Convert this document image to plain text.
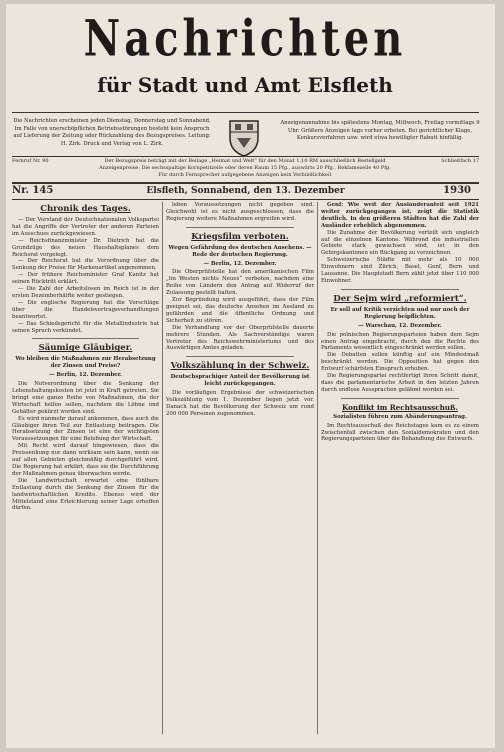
Nachrichten
für Stadt und Amt Elsfleth
Die Nachrichten erscheinen jeden Dienstag, Donnerstag und Sonnabend. Im Falle von unerschöpflichen Betriebsstörungen besteht kein Anspruch auf Lieferung der Zeitung oder Rückzahlung des Bezugspreises. Leitung: H. Zirk. Druck und Verlag von L. Zirk.
Anzeigenannahme bis spätestens Montag, Mittwoch, Freitag vormittags 9 Uhr. Größere Anzeigen tags vorher erbeten. Bei gerichtlicher Klage, Konkursverfahren usw. wird etwa bewilligter Rabatt hinfällig.
Fernruf Nr. 90	Schließfach 17
Der Bezugspreis beträgt mit der Beilage „Heimat und Welt“ für den Monat 1,10 RM ausschließlich Bestellgeld
Anzeigenpreise: Die sechsspaltige Kornpetitzeile oder deren Raum 15 Pfg., auswärts 20 Pfg., Reklamezeile 40 Pfg.
Für durch Fernsprecher aufgegebene Anzeigen kein Verbindlichkeit
Nr. 145	Elsfleth, Sonnabend, den 13. Dezember	1930
Chronik des Tages.

— Der Vorstand der Deutschnationalen Volkspartei hat die Angriffe der Vertreter der anderen Parteien im Ausschuss zurückgewiesen.

— Reichsfinanzminister Dr. Dietrich hat die Grundzüge des neuen Haushaltsplanes dem Reichsrat vorgelegt.

— Der Reichsrat hat die Verordnung über die Senkung der Preise für Markenartikel angenommen.

— Der frühere Reichsminister Graf Kanitz hat seinen Rücktritt erklärt.

— Die Zahl der Arbeitslosen im Reich ist in der ersten Dezemberhälfte weiter gestiegen.

— Die englische Regierung hat die Vorschläge über die Handelsvertragsverhandlungen beantwortet.

— Das Schiedsgericht für die Metallindustrie hat seinen Spruch verkündet.

Säumige Gläubiger.
Wo bleiben die Maßnahmen zur Herabsetzung der Zinsen und Preise?
— Berlin, 12. Dezember.

Die Notverordnung über die Senkung der Lebenshaltungskosten ist jetzt in Kraft getreten. Sie bringt eine ganze Reihe von Maßnahmen, die der Wirtschaft helfen sollen, nachdem die Löhne und Gehälter gekürzt worden sind.

Es wird nunmehr darauf ankommen, dass auch die Gläubiger ihren Teil zur Entlastung beitragen. Die Herabsetzung der Zinsen ist eine der wichtigsten Voraussetzungen für eine Belebung der Wirtschaft.

Mit Recht wird darauf hingewiesen, dass die Preissenkung nur dann wirksam sein kann, wenn sie auf allen Gebieten gleichmäßig durchgeführt wird. Die Regierung hat erklärt, dass sie die Durchführung der Maßnahmen genau überwachen werde.

Die Landwirtschaft erwartet eine fühlbare Entlastung durch die Senkung der Zinsen für die landwirtschaftlichen Kredite. Ebenso wird der Mittelstand eine Erleichterung seiner Lage erhoffen dürfen.

leben Voraussetzungen nicht gegeben sind. Gleichwohl ist es nicht ausgeschlossen, dass die Regierung weitere Maßnahmen ergreifen wird.

Kriegsfilm verboten.
Wegen Gefährdung des deutschen Ansehens. — Rede der deutschen Regierung.
— Berlin, 12. Dezember.

Die Oberprüfstelle hat den amerikanischen Film „Im Westen nichts Neues“ verboten, nachdem eine Reihe von Ländern den Antrag auf Widerruf der Zulassung gestellt hatten.

Zur Begründung wird ausgeführt, dass der Film geeignet sei, das deutsche Ansehen im Ausland zu gefährden und die öffentliche Ordnung und Sicherheit zu stören.

Die Verhandlung vor der Oberprüfstelle dauerte mehrere Stunden. Als Sachverständige waren Vertreter des Reichswehrministeriums und des Auswärtigen Amtes geladen.

Volkszählung in der Schweiz.
Deutschsprachiger Anteil der Bevölkerung ist leicht zurückgegangen.

Die vorläufigen Ergebnisse der schweizerischen Volkszählung vom 1. Dezember liegen jetzt vor. Danach hat die Bevölkerung der Schweiz um rund 200 000 Personen zugenommen.

Genf: Wie weit der Ausländeranteil seit 1921 weiter zurückgegangen ist, zeigt die Statistik deutlich. In den größeren Städten hat die Zahl der Ausländer erheblich abgenommen.

Die Zunahme der Bevölkerung verteilt sich ungleich auf die einzelnen Kantone. Während die industriellen Gebiete stark gewachsen sind, ist in den Gebirgskantonen ein Rückgang zu verzeichnen.

Schweizerische Städte mit mehr als 10 000 Einwohnern sind Zürich, Basel, Genf, Bern und Lausanne. Die Hauptstadt Bern zählt jetzt über 110 000 Einwohner.

Der Sejm wird „reformiert“.
Er soll auf Kritik verzichten und nur noch der Regierung beipflichten.
— Warschau, 12. Dezember.

Die polnischen Regierungsparteien haben dem Sejm einen Antrag eingebracht, durch den die Rechte des Parlaments wesentlich eingeschränkt werden sollen.

Die Debatten sollen künftig auf ein Mindestmaß beschränkt werden. Die Opposition hat gegen den Entwurf schärfsten Einspruch erhoben.

Die Regierungspartei rechtfertigt ihren Schritt damit, dass die parlamentarische Arbeit in den letzten Jahren durch endlose Aussprachen gelähmt worden sei.

Konflikt im Rechtsausschuß.
Sozialisten führen zum Abänderungsantrag.

Im Rechtsausschuß des Reichstages kam es zu einem Zwischenfall zwischen den Sozialdemokraten und den Regierungsparteien über die Behandlung des Entwurfs.
